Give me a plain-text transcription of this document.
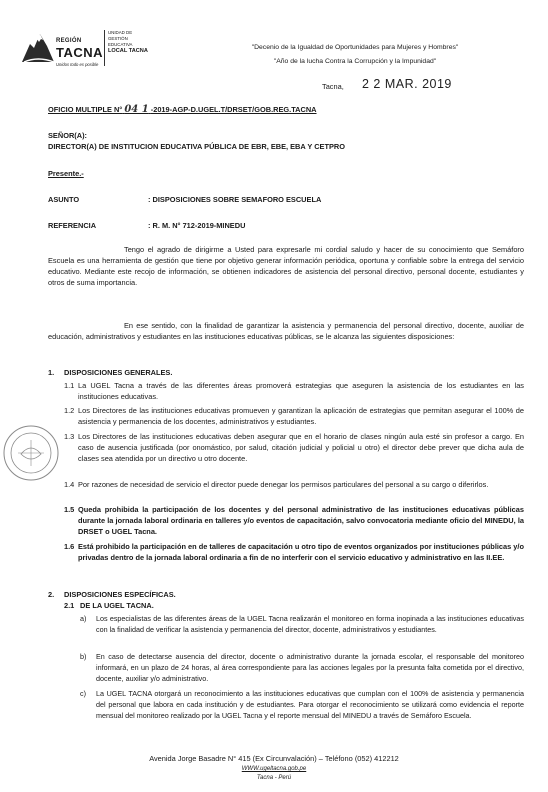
REGIÓN
TACNA
Unidos todo es posible
UNIDAD DE
GESTIÓN
EDUCATIVA
LOCAL TACNA	"Decenio de la Igualdad de Oportunidades para Mujeres y Hombres"
"Año de la lucha Contra la Corrupción y la Impunidad"
Tacna, 2 2 MAR. 2019
OFICIO MULTIPLE N° 04 1 -2019-AGP-D.UGEL.T/DRSET/GOB.REG.TACNA
SEÑOR(A):
DIRECTOR(A) DE INSTITUCION EDUCATIVA PÚBLICA DE EBR, EBE, EBA Y CETPRO
Presente.-
ASUNTO	: DISPOSICIONES SOBRE SEMAFORO ESCUELA
REFERENCIA	: R. M. N° 712-2019-MINEDU
Tengo el agrado de dirigirme a Usted para expresarle mi cordial saludo y hacer de su conocimiento que Semáforo Escuela es una herramienta de gestión que tiene por objetivo generar información periódica, oportuna y confiable sobre la entrega del servicio educativo. Mediante este recojo de información, se obtienen indicadores de asistencia del personal directivo, personal docente, estudiantes y otros de suma importancia.
En ese sentido, con la finalidad de garantizar la asistencia y permanencia del personal directivo, docente, auxiliar de educación, administrativos y estudiantes en las instituciones educativas públicas, se le alcanza las siguientes disposiciones:
1. DISPOSICIONES GENERALES.
1.1 La UGEL Tacna a través de las diferentes áreas promoverá estrategias que aseguren la asistencia de los estudiantes en las instituciones educativas.
1.2 Los Directores de las instituciones educativas promueven y garantizan la aplicación de estrategias que permitan asegurar el 100% de asistencia y permanencia de los docentes, administrativos y estudiantes.
1.3 Los Directores de las instituciones educativas deben asegurar que en el horario de clases ningún aula esté sin profesor a cargo. En caso de ausencia justificada (por onomástico, por salud, citación judicial y policial u otro) el director debe prever que dicha aula de clases sea atendida por un directivo u otro docente.
1.4 Por razones de necesidad de servicio el director puede denegar los permisos particulares del personal a su cargo o diferirlos.
1.5 Queda prohibida la participación de los docentes y del personal administrativo de las instituciones educativas públicas durante la jornada laboral ordinaria en talleres y/o eventos de capacitación, salvo convocatoria mediante oficio del MINEDU, la DRSET o UGEL Tacna.
1.6 Está prohibido la participación en de talleres de capacitación u otro tipo de eventos organizados por instituciones públicas y/o privadas dentro de la jornada laboral ordinaria a fin de no interferir con el servicio educativo y administrativo en las II.EE.
2. DISPOSICIONES ESPECÍFICAS.
2.1 DE LA UGEL TACNA.
a) Los especialistas de las diferentes áreas de la UGEL Tacna realizarán el monitoreo en forma inopinada a las instituciones educativas con la finalidad de verificar la asistencia y permanencia del director, docente, administrativos y estudiantes.
b) En caso de detectarse ausencia del director, docente o administrativo durante la jornada escolar, el responsable del monitoreo informará, en un plazo de 24 horas, al área correspondiente para las acciones legales por la presunta falta cometida por el directivo, docente, auxiliar y/o administrativo.
c) La UGEL TACNA otorgará un reconocimiento a las instituciones educativas que cumplan con el 100% de asistencia y permanencia del personal que labora en cada institución y de estudiantes. Para otorgar el reconocimiento se utilizará como evidencia el reporte mensual del monitoreo realizado por la UGEL Tacna y el reporte mensual del MINEDU a través de Semáforo Escuela.
Avenida Jorge Basadre N° 415 (Ex Circunvalación) – Teléfono (052) 412212
WWW.ugeltacna.gob.pe
Tacna - Perú
